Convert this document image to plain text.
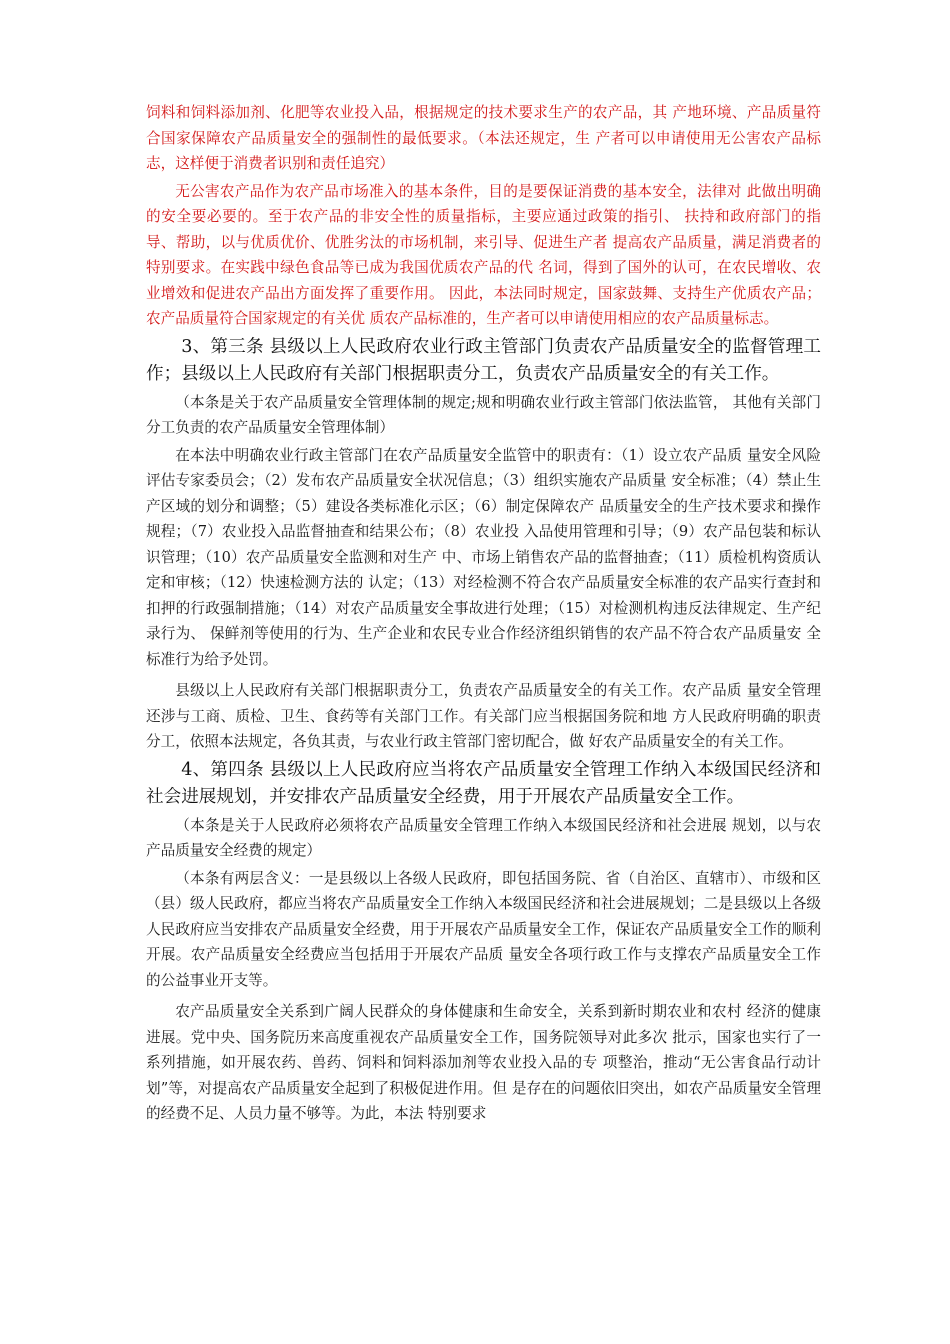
饲料和饲料添加剂、化肥等农业投入品，根据规定的技术要求生产的农产品，其 产地环境、产品质量符合国家保障农产品质量安全的强制性的最低要求。（本法还规定，生 产者可以申请使用无公害农产品标志，这样便于消费者识别和责任追究）

无公害农产品作为农产品市场准入的基本条件，目的是要保证消费的基本安全，法律对 此做出明确的安全要必要的。至于农产品的非安全性的质量指标，主要应通过政策的指引、 扶持和政府部门的指导、帮助，以与优质优价、优胜劣汰的市场机制，来引导、促进生产者 提高农产品质量，满足消费者的特别要求。在实践中绿色食品等已成为我国优质农产品的代 名词，得到了国外的认可，在农民增收、农业增效和促进农产品出方面发挥了重要作用。 因此，本法同时规定，国家鼓舞、支持生产优质农产品；农产品质量符合国家规定的有关优 质农产品标准的，生产者可以申请使用相应的农产品质量标志。

3、第三条 县级以上人民政府农业行政主管部门负责农产品质量安全的监督管理工作；县级以上人民政府有关部门根据职责分工，负责农产品质量安全的有关工作。

（本条是关于农产品质量安全管理体制的规定;规和明确农业行政主管部门依法监管， 其他有关部门分工负责的农产品质量安全管理体制）

在本法中明确农业行政主管部门在农产品质量安全监管中的职责有：（1）设立农产品质 量安全风险评估专家委员会；（2）发布农产品质量安全状况信息；（3）组织实施农产品质量 安全标准；（4）禁止生产区域的划分和调整；（5）建设各类标准化示区；（6）制定保障农产 品质量安全的生产技术要求和操作规程；（7）农业投入品监督抽查和结果公布；（8）农业投 入品使用管理和引导；（9）农产品包装和标认识管理；（10）农产品质量安全监测和对生产 中、市场上销售农产品的监督抽查；（11）质检机构资质认定和审核；（12）快速检测方法的 认定；（13）对经检测不符合农产品质量安全标准的农产品实行查封和扣押的行政强制措施；（14）对农产品质量安全事故进行处理；（15）对检测机构违反法律规定、生产纪录行为、 保鲜剂等使用的行为、生产企业和农民专业合作经济组织销售的农产品不符合农产品质量安 全标准行为给予处罚。

县级以上人民政府有关部门根据职责分工，负责农产品质量安全的有关工作。农产品质 量安全管理还涉与工商、质检、卫生、食药等有关部门工作。有关部门应当根据国务院和地 方人民政府明确的职责分工，依照本法规定，各负其责，与农业行政主管部门密切配合，做 好农产品质量安全的有关工作。

4、第四条 县级以上人民政府应当将农产品质量安全管理工作纳入本级国民经济和社会进展规划，并安排农产品质量安全经费，用于开展农产品质量安全工作。

（本条是关于人民政府必须将农产品质量安全管理工作纳入本级国民经济和社会进展 规划，以与农产品质量安全经费的规定）

（本条有两层含义：一是县级以上各级人民政府，即包括国务院、省（自治区、直辖市）、市级和区（县）级人民政府，都应当将农产品质量安全工作纳入本级国民经济和社会进展规划；二是县级以上各级人民政府应当安排农产品质量安全经费，用于开展农产品质量安全工作，保证农产品质量安全工作的顺利开展。农产品质量安全经费应当包括用于开展农产品质 量安全各项行政工作与支撑农产品质量安全工作的公益事业开支等。

农产品质量安全关系到广阔人民群众的身体健康和生命安全，关系到新时期农业和农村 经济的健康进展。党中央、国务院历来高度重视农产品质量安全工作，国务院领导对此多次 批示，国家也实行了一系列措施，如开展农药、兽药、饲料和饲料添加剂等农业投入品的专 项整治，推动“无公害食品行动计划”等，对提高农产品质量安全起到了积极促进作用。但 是存在的问题依旧突出，如农产品质量安全管理的经费不足、人员力量不够等。为此，本法 特别要求
